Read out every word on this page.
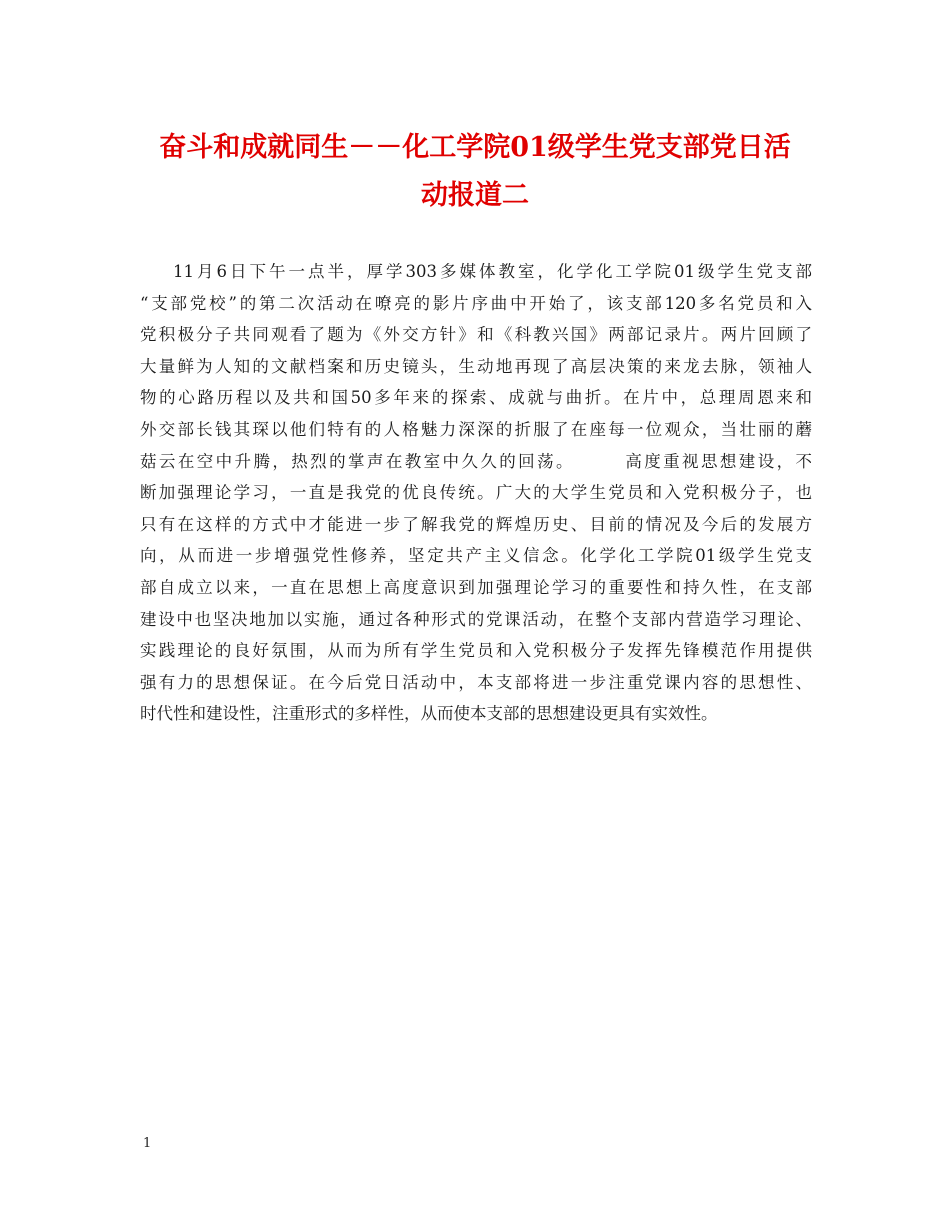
奋斗和成就同生－－化工学院01级学生党支部党日活
动报道二
11月6日下午一点半，厚学303多媒体教室，化学化工学院01级学生党支部
“支部党校”的第二次活动在嘹亮的影片序曲中开始了，该支部120多名党员和入
党积极分子共同观看了题为《外交方针》和《科教兴国》两部记录片。两片回顾了
大量鲜为人知的文献档案和历史镜头，生动地再现了高层决策的来龙去脉，领袖人
物的心路历程以及共和国50多年来的探索、成就与曲折。在片中，总理周恩来和
外交部长钱其琛以他们特有的人格魅力深深的折服了在座每一位观众，当壮丽的蘑
菇云在空中升腾，热烈的掌声在教室中久久的回荡。	高度重视思想建设，不
断加强理论学习，一直是我党的优良传统。广大的大学生党员和入党积极分子，也
只有在这样的方式中才能进一步了解我党的辉煌历史、目前的情况及今后的发展方
向，从而进一步增强党性修养，坚定共产主义信念。化学化工学院01级学生党支
部自成立以来，一直在思想上高度意识到加强理论学习的重要性和持久性，在支部
建设中也坚决地加以实施，通过各种形式的党课活动，在整个支部内营造学习理论、
实践理论的良好氛围，从而为所有学生党员和入党积极分子发挥先锋模范作用提供
强有力的思想保证。在今后党日活动中，本支部将进一步注重党课内容的思想性、
时代性和建设性，注重形式的多样性，从而使本支部的思想建设更具有实效性。
1
